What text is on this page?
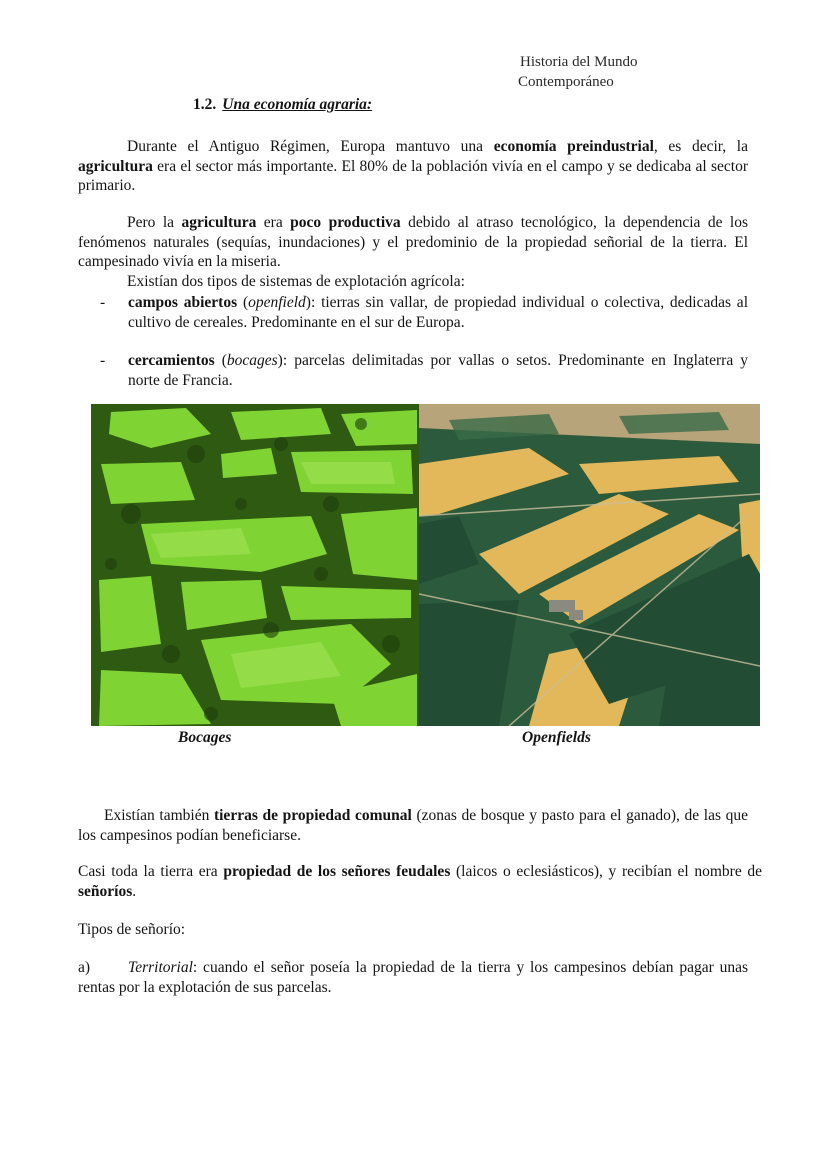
Historia del Mundo
Contemporáneo
1.2. Una economía agraria:

Durante el Antiguo Régimen, Europa mantuvo una economía preindustrial, es decir, la agricultura era el sector más importante. El 80% de la población vivía en el campo y se dedicaba al sector primario.

Pero la agricultura era poco productiva debido al atraso tecnológico, la dependencia de los fenómenos naturales (sequías, inundaciones) y el predominio de la propiedad señorial de la tierra. El campesinado vivía en la miseria.

Existían dos tipos de sistemas de explotación agrícola:

- campos abiertos (openfield): tierras sin vallar, de propiedad individual o colectiva, dedicadas al cultivo de cereales. Predominante en el sur de Europa.
- cercamientos (bocages): parcelas delimitadas por vallas o setos. Predominante en Inglaterra y norte de Francia.
Bocages	Openfields

Existían también tierras de propiedad comunal (zonas de bosque y pasto para el ganado), de las que los campesinos podían beneficiarse.

Casi toda la tierra era propiedad de los señores feudales (laicos o eclesiásticos), y recibían el nombre de señoríos.

Tipos de señorío:

a) Territorial: cuando el señor poseía la propiedad de la tierra y los campesinos debían pagar unas rentas por la explotación de sus parcelas.
